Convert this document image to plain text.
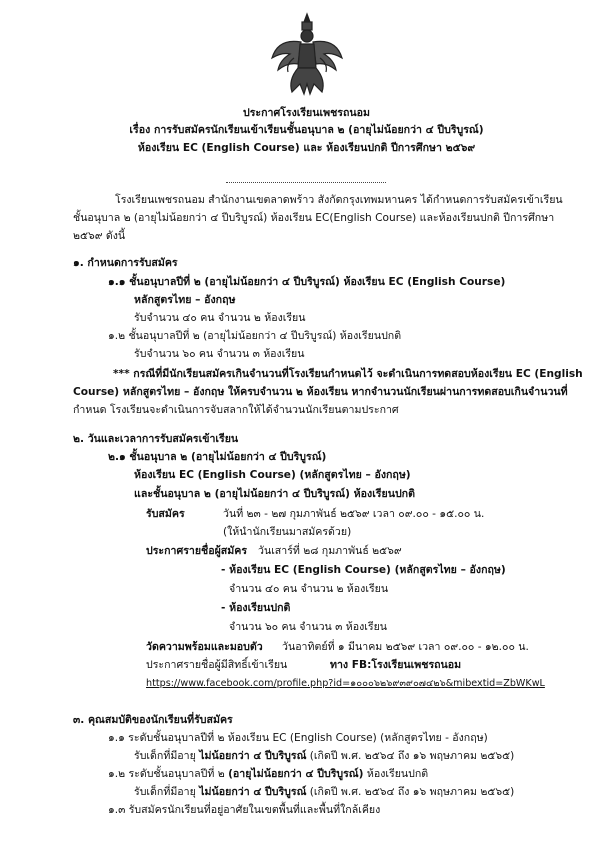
ประกาศโรงเรียนเพชรถนอม
เรื่อง การรับสมัครนักเรียนเข้าเรียนชั้นอนุบาล ๒ (อายุไม่น้อยกว่า ๔ ปีบริบูรณ์)
ห้องเรียน EC (English Course) และ ห้องเรียนปกติ ปีการศึกษา ๒๕๖๙
โรงเรียนเพชรถนอม สำนักงานเขตลาดพร้าว สังกัดกรุงเทพมหานคร ได้กำหนดการรับสมัครเข้าเรียน
ชั้นอนุบาล ๒ (อายุไม่น้อยกว่า ๔ ปีบริบูรณ์) ห้องเรียน EC(English Course) และห้องเรียนปกติ ปีการศึกษา
๒๕๖๙ ดังนี้
๑. กำหนดการรับสมัคร
๑.๑ ชั้นอนุบาลปีที่ ๒ (อายุไม่น้อยกว่า ๔ ปีบริบูรณ์) ห้องเรียน EC (English Course)
หลักสูตรไทย – อังกฤษ
รับจำนวน ๔๐ คน จำนวน ๒ ห้องเรียน
๑.๒ ชั้นอนุบาลปีที่ ๒ (อายุไม่น้อยกว่า ๔ ปีบริบูรณ์) ห้องเรียนปกติ
รับจำนวน ๖๐ คน จำนวน ๓ ห้องเรียน
*** กรณีที่มีนักเรียนสมัครเกินจำนวนที่โรงเรียนกำหนดไว้ จะดำเนินการทดสอบห้องเรียน EC (English
Course) หลักสูตรไทย – อังกฤษ ให้ครบจำนวน ๒ ห้องเรียน หากจำนวนนักเรียนผ่านการทดสอบเกินจำนวนที่
กำหนด โรงเรียนจะดำเนินการจับสลากให้ได้จำนวนนักเรียนตามประกาศ
๒. วันและเวลาการรับสมัครเข้าเรียน
๒.๑ ชั้นอนุบาล ๒ (อายุไม่น้อยกว่า ๔ ปีบริบูรณ์)
ห้องเรียน EC (English Course) (หลักสูตรไทย – อังกฤษ)
และชั้นอนุบาล ๒ (อายุไม่น้อยกว่า ๔ ปีบริบูรณ์) ห้องเรียนปกติ
รับสมัคร	วันที่ ๒๓ - ๒๗ กุมภาพันธ์ ๒๕๖๙ เวลา ๐๙.๐๐ - ๑๕.๐๐ น.
(ให้นำนักเรียนมาสมัครด้วย)
ประกาศรายชื่อผู้สมัคร วันเสาร์ที่ ๒๘ กุมภาพันธ์ ๒๕๖๙
- ห้องเรียน EC (English Course) (หลักสูตรไทย – อังกฤษ)
จำนวน ๔๐ คน จำนวน ๒ ห้องเรียน
- ห้องเรียนปกติ
จำนวน ๖๐ คน จำนวน ๓ ห้องเรียน
วัดความพร้อมและมอบตัว วันอาทิตย์ที่ ๑ มีนาคม ๒๕๖๙ เวลา ๐๙.๐๐ - ๑๒.๐๐ น.
ประกาศรายชื่อผู้มีสิทธิ์เข้าเรียน	ทาง FB:โรงเรียนเพชรถนอม
https://www.facebook.com/profile.php?id=๑๐๐๐๖๒๖๙๓๙๐๗๔๒๖&mibextid=ZbWKwL
๓. คุณสมบัติของนักเรียนที่รับสมัคร
๑.๑ ระดับชั้นอนุบาลปีที่ ๒ ห้องเรียน EC (English Course) (หลักสูตรไทย - อังกฤษ)
รับเด็กที่มีอายุ ไม่น้อยกว่า ๔ ปีบริบูรณ์ (เกิดปี พ.ศ. ๒๕๖๔ ถึง ๑๖ พฤษภาคม ๒๕๖๕)
๑.๒ ระดับชั้นอนุบาลปีที่ ๒ (อายุไม่น้อยกว่า ๔ ปีบริบูรณ์) ห้องเรียนปกติ
รับเด็กที่มีอายุ ไม่น้อยกว่า ๔ ปีบริบูรณ์ (เกิดปี พ.ศ. ๒๕๖๔ ถึง ๑๖ พฤษภาคม ๒๕๖๕)
๑.๓ รับสมัครนักเรียนที่อยู่อาศัยในเขตพื้นที่และพื้นที่ใกล้เคียง
